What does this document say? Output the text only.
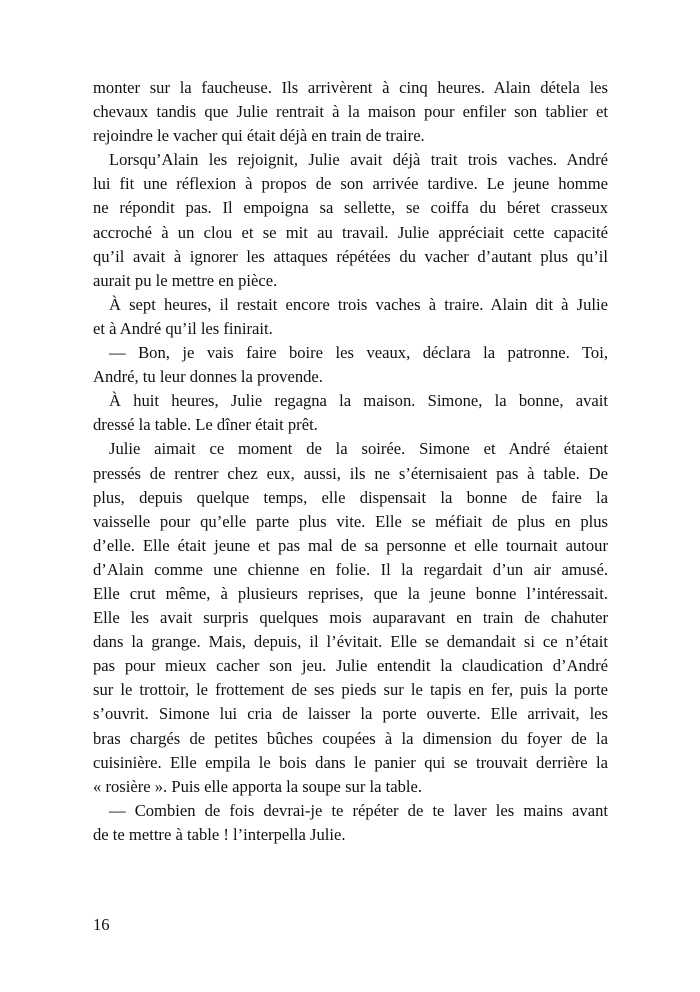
monter sur la faucheuse. Ils arrivèrent à cinq heures. Alain détela les
chevaux tandis que Julie rentrait à la maison pour enfiler son tablier et
rejoindre le vacher qui était déjà en train de traire.
Lorsqu’Alain les rejoignit, Julie avait déjà trait trois vaches. André
lui fit une réflexion à propos de son arrivée tardive. Le jeune homme
ne répondit pas. Il empoigna sa sellette, se coiffa du béret crasseux
accroché à un clou et se mit au travail. Julie appréciait cette capacité
qu’il avait à ignorer les attaques répétées du vacher d’autant plus qu’il
aurait pu le mettre en pièce.
À sept heures, il restait encore trois vaches à traire. Alain dit à Julie
et à André qu’il les finirait.
— Bon, je vais faire boire les veaux, déclara la patronne. Toi,
André, tu leur donnes la provende.
À huit heures, Julie regagna la maison. Simone, la bonne, avait
dressé la table. Le dîner était prêt.
Julie aimait ce moment de la soirée. Simone et André étaient
pressés de rentrer chez eux, aussi, ils ne s’éternisaient pas à table. De
plus, depuis quelque temps, elle dispensait la bonne de faire la
vaisselle pour qu’elle parte plus vite. Elle se méfiait de plus en plus
d’elle. Elle était jeune et pas mal de sa personne et elle tournait autour
d’Alain comme une chienne en folie. Il la regardait d’un air amusé.
Elle crut même, à plusieurs reprises, que la jeune bonne l’intéressait.
Elle les avait surpris quelques mois auparavant en train de chahuter
dans la grange. Mais, depuis, il l’évitait. Elle se demandait si ce n’était
pas pour mieux cacher son jeu. Julie entendit la claudication d’André
sur le trottoir, le frottement de ses pieds sur le tapis en fer, puis la porte
s’ouvrit. Simone lui cria de laisser la porte ouverte. Elle arrivait, les
bras chargés de petites bûches coupées à la dimension du foyer de la
cuisinière. Elle empila le bois dans le panier qui se trouvait derrière la
« rosière ». Puis elle apporta la soupe sur la table.
— Combien de fois devrai-je te répéter de te laver les mains avant
de te mettre à table ! l’interpella Julie.
16
